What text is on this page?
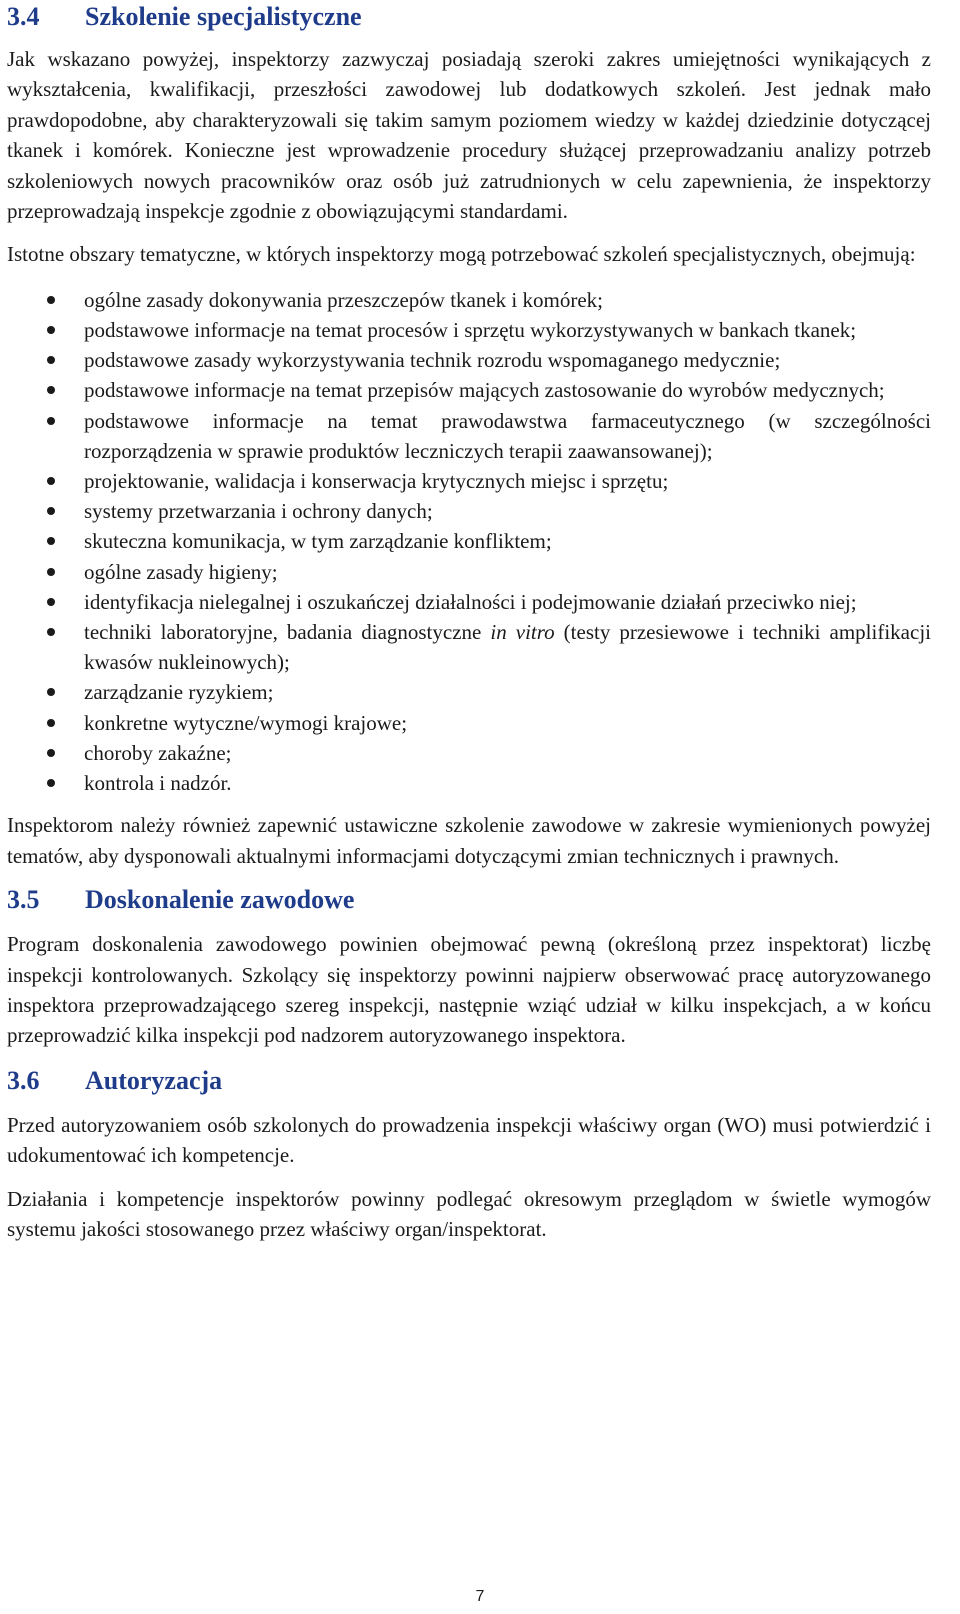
3.4	Szkolenie specjalistyczne

Jak wskazano powyżej, inspektorzy zazwyczaj posiadają szeroki zakres umiejętności wynikających z wykształcenia, kwalifikacji, przeszłości zawodowej lub dodatkowych szkoleń. Jest jednak mało prawdopodobne, aby charakteryzowali się takim samym poziomem wiedzy w każdej dziedzinie dotyczącej tkanek i komórek. Konieczne jest wprowadzenie procedury służącej przeprowadzaniu analizy potrzeb szkoleniowych nowych pracowników oraz osób już zatrudnionych w celu zapewnienia, że inspektorzy przeprowadzają inspekcje zgodnie z obowiązującymi standardami.

Istotne obszary tematyczne, w których inspektorzy mogą potrzebować szkoleń specjalistycznych, obejmują:

ogólne zasady dokonywania przeszczepów tkanek i komórek;
podstawowe informacje na temat procesów i sprzętu wykorzystywanych w bankach tkanek;
podstawowe zasady wykorzystywania technik rozrodu wspomaganego medycznie;
podstawowe informacje na temat przepisów mających zastosowanie do wyrobów medycznych;
podstawowe informacje na temat prawodawstwa farmaceutycznego (w szczególności rozporządzenia w sprawie produktów leczniczych terapii zaawansowanej);
projektowanie, walidacja i konserwacja krytycznych miejsc i sprzętu;
systemy przetwarzania i ochrony danych;
skuteczna komunikacja, w tym zarządzanie konfliktem;
ogólne zasady higieny;
identyfikacja nielegalnej i oszukańczej działalności i podejmowanie działań przeciwko niej;
techniki laboratoryjne, badania diagnostyczne in vitro (testy przesiewowe i techniki amplifikacji kwasów nukleinowych);
zarządzanie ryzykiem;
konkretne wytyczne/wymogi krajowe;
choroby zakaźne;
kontrola i nadzór.

Inspektorom należy również zapewnić ustawiczne szkolenie zawodowe w zakresie wymienionych powyżej tematów, aby dysponowali aktualnymi informacjami dotyczącymi zmian technicznych i prawnych.

3.5	Doskonalenie zawodowe

Program doskonalenia zawodowego powinien obejmować pewną (określoną przez inspektorat) liczbę inspekcji kontrolowanych. Szkolący się inspektorzy powinni najpierw obserwować pracę autoryzowanego inspektora przeprowadzającego szereg inspekcji, następnie wziąć udział w kilku inspekcjach, a w końcu przeprowadzić kilka inspekcji pod nadzorem autoryzowanego inspektora.

3.6	Autoryzacja

Przed autoryzowaniem osób szkolonych do prowadzenia inspekcji właściwy organ (WO) musi potwierdzić i udokumentować ich kompetencje.

Działania i kompetencje inspektorów powinny podlegać okresowym przeglądom w świetle wymogów systemu jakości stosowanego przez właściwy organ/inspektorat.

7
